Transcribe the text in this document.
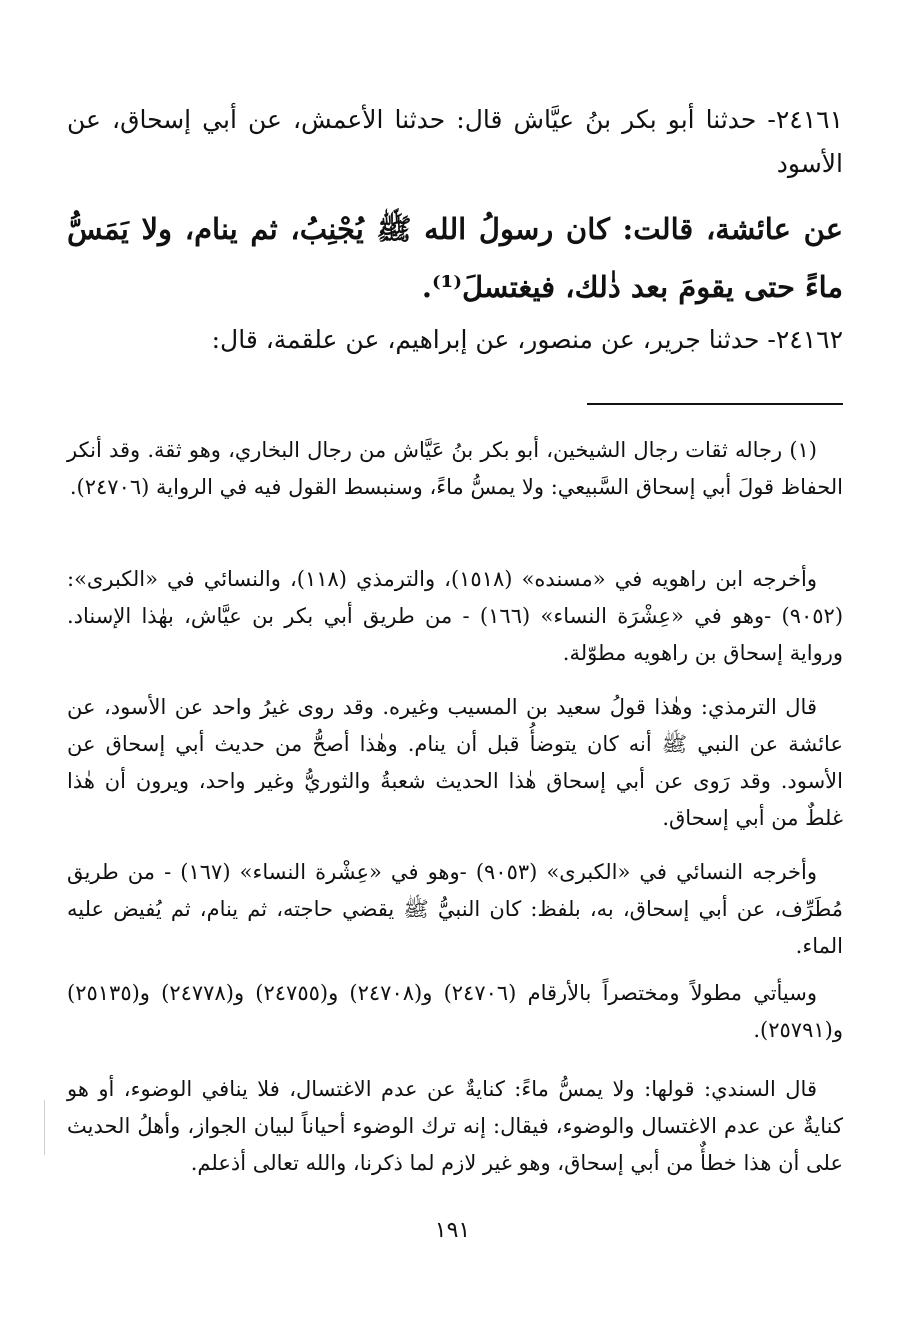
٢٤١٦١- حدثنا أبو بكر بنُ عيَّاش قال: حدثنا الأعمش، عن أبي إسحاق، عن الأسود

عن عائشة، قالت: كان رسولُ الله ﷺ يُجْنِبُ، ثم ينام، ولا يَمَسُّ ماءً حتى يقومَ بعد ذٰلك، فيغتسلَ⁽¹⁾.

٢٤١٦٢- حدثنا جرير، عن منصور، عن إبراهيم، عن علقمة، قال:

(١) رجاله ثقات رجال الشيخين، أبو بكر بنُ عَيَّاش من رجال البخاري، وهو ثقة. وقد أنكر الحفاظ قولَ أبي إسحاق السَّبيعي: ولا يمسُّ ماءً، وسنبسط القول فيه في الرواية (٢٤٧٠٦).

وأخرجه ابن راهويه في «مسنده» (١٥١٨)، والترمذي (١١٨)، والنسائي في «الكبرى»: (٩٠٥٢) -وهو في «عِشْرَة النساء» (١٦٦) - من طريق أبي بكر بن عيَّاش، بهٰذا الإسناد. ورواية إسحاق بن راهويه مطوّلة.

قال الترمذي: وهٰذا قولُ سعيد بن المسيب وغيره. وقد روى غيرُ واحد عن الأسود، عن عائشة عن النبي ﷺ أنه كان يتوضأُ قبل أن ينام. وهٰذا أصحُّ من حديث أبي إسحاق عن الأسود. وقد رَوى عن أبي إسحاق هٰذا الحديث شعبةُ والثوريُّ وغير واحد، ويرون أن هٰذا غلطٌ من أبي إسحاق.

وأخرجه النسائي في «الكبرى» (٩٠٥٣) -وهو في «عِشْرة النساء» (١٦٧) - من طريق مُطَرِّف، عن أبي إسحاق، به، بلفظ: كان النبيُّ ﷺ يقضي حاجته، ثم ينام، ثم يُفيض عليه الماء.

وسيأتي مطولاً ومختصراً بالأرقام (٢٤٧٠٦) و(٢٤٧٠٨) و(٢٤٧٥٥) و(٢٤٧٧٨) و(٢٥١٣٥) و(٢٥٧٩١).

قال السندي: قولها: ولا يمسُّ ماءً: كنايةٌ عن عدم الاغتسال، فلا ينافي الوضوء، أو هو كنايةٌ عن عدم الاغتسال والوضوء، فيقال: إنه ترك الوضوء أحياناً لبيان الجواز، وأهلُ الحديث على أن هذا خطأٌ من أبي إسحاق، وهو غير لازم لما ذكرنا، والله تعالى أذعلم.

١٩١
